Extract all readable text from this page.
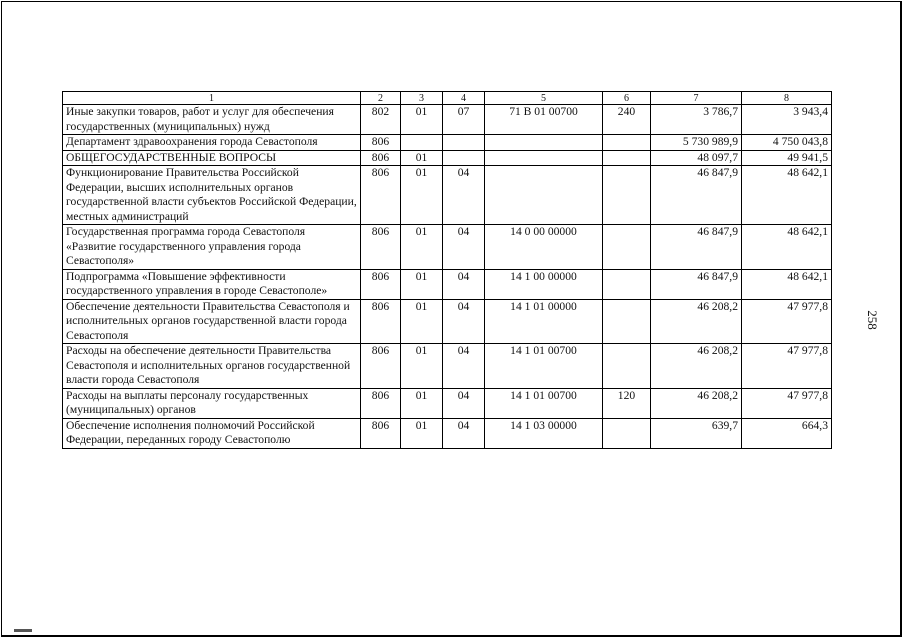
1	2	3	4	5	6	7	8
Иные закупки товаров, работ и услуг для обеспечения государственных (муниципальных) нужд	802	01	07	71 В 01 00700	240	3 786,7	3 943,4
Департамент здравоохранения города Севастополя	806					5 730 989,9	4 750 043,8
ОБЩЕГОСУДАРСТВЕННЫЕ ВОПРОСЫ	806	01				48 097,7	49 941,5
Функционирование Правительства Российской Федерации, высших исполнительных органов государственной власти субъектов Российской Федерации, местных администраций	806	01	04			46 847,9	48 642,1
Государственная программа города Севастополя «Развитие государственного управления города Севастополя»	806	01	04	14 0 00 00000		46 847,9	48 642,1
Подпрограмма «Повышение эффективности государственного управления в городе Севастополе»	806	01	04	14 1 00 00000		46 847,9	48 642,1
Обеспечение деятельности Правительства Севастополя и исполнительных органов государственной власти города Севастополя	806	01	04	14 1 01 00000		46 208,2	47 977,8
Расходы на обеспечение деятельности Правительства Севастополя и исполнительных органов государственной власти города Севастополя	806	01	04	14 1 01 00700		46 208,2	47 977,8
Расходы на выплаты персоналу государственных (муниципальных) органов	806	01	04	14 1 01 00700	120	46 208,2	47 977,8
Обеспечение исполнения полномочий Российской Федерации, переданных городу Севастополю	806	01	04	14 1 03 00000		639,7	664,3
258
